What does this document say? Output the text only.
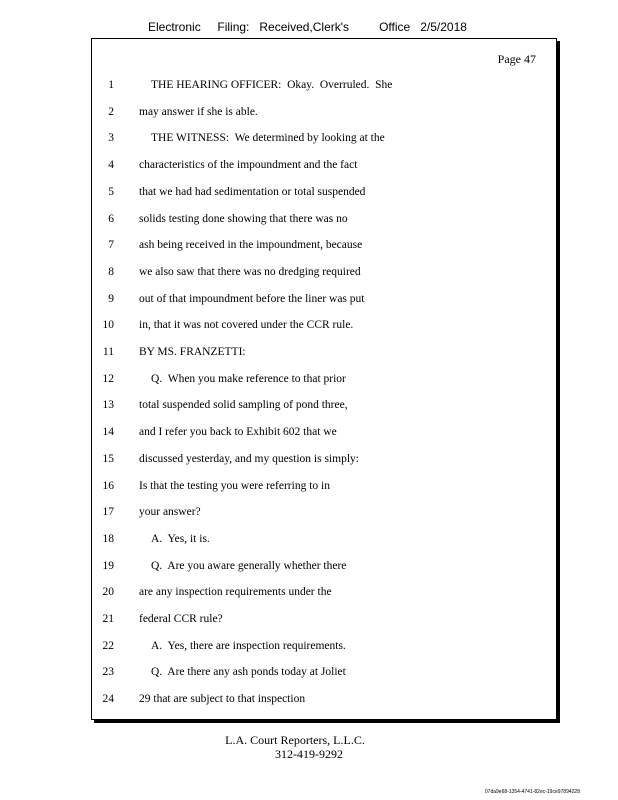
Electronic Filing: Received,Clerk's	Office 2/5/2018
Page 47
1	THE HEARING OFFICER:  Okay.  Overruled.  She
2 may answer if she is able.
3	THE WITNESS:  We determined by looking at the
4 characteristics of the impoundment and the fact
5 that we had had sedimentation or total suspended
6 solids testing done showing that there was no
7 ash being received in the impoundment, because
8 we also saw that there was no dredging required
9 out of that impoundment before the liner was put
10 in, that it was not covered under the CCR rule.
11 BY MS. FRANZETTI:
12	Q.  When you make reference to that prior
13 total suspended solid sampling of pond three,
14 and I refer you back to Exhibit 602 that we
15 discussed yesterday, and my question is simply:
16 Is that the testing you were referring to in
17 your answer?
18	A.  Yes, it is.
19	Q.  Are you aware generally whether there
20 are any inspection requirements under the
21 federal CCR rule?
22	A.  Yes, there are inspection requirements.
23	Q.  Are there any ash ponds today at Joliet
24 29 that are subject to that inspection
L.A. Court Reporters, L.L.C.
312-419-9292
07da9e68-1354-4741-82ec-19ce97894228
